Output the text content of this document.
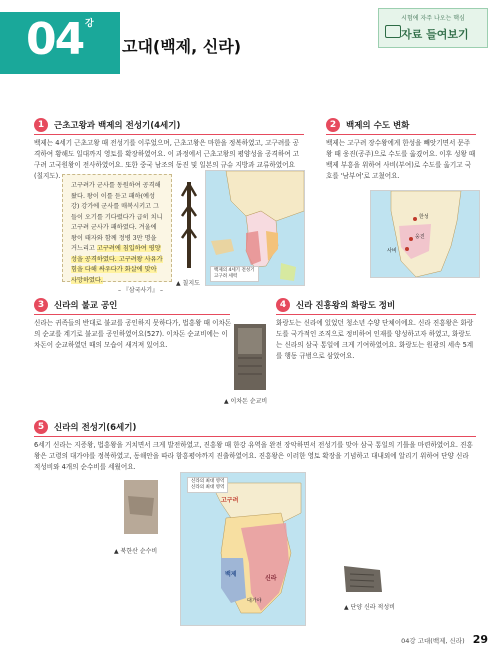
04 강
고대(백제, 신라)
시험에 자주 나오는 핵심
자료 들여보기
1	근초고왕과 백제의 전성기(4세기)
백제는 4세기 근초고왕 때 전성기를 이루었으며, 근초고왕은 마한을 정복하였고, 고구려를 공격하여 황해도 일대까지 영토를 확장하였어요. 이 과정에서 근초고왕의 평양성을 공격하여 고구려 고국원왕이 전사하였어요. 또한 중국 남조의 동진 및 일본의 규슈 지방과 교류하였어요(칠지도).
고구려가 군사를 동원하여 공격해 왔다. 왕이 이를 듣고 패하(예성강) 강가에 군사를 매복시키고 그들이 오기를 기다렸다가 급히 치니 고구려 군사가 패하였다. 겨울에 왕이 태자와 함께 정병 3만 명을 거느리고 고구려에 침입하여 평양성을 공격하였다. 고구려왕 사유가 힘을 다해 싸우다가 화살에 맞아 사망하였다.
– 『삼국사기』 –
▲ 칠지도
백제의 4세기 전성기
고구려 세력
2	백제의 수도 변화
백제는 고구려 장수왕에게 한성을 빼앗기면서 문주왕 때 웅진(공주)으로 수도를 옮겼어요. 이후 성왕 때 백제 부흥을 위하여 사비(부여)로 수도를 옮기고 국호를 '남부여'로 고쳤어요.
한성
웅진
사비
3	신라의 불교 공인
신라는 귀족들의 반대로 불교를 공인하지 못하다가, 법흥왕 때 이차돈의 순교를 계기로 불교를 공인하였어요(527). 이차돈 순교비에는 이차돈이 순교하였던 때의 모습이 새겨져 있어요.
▲ 이차돈 순교비
4	신라 진흥왕의 화랑도 정비
화랑도는 신라에 있었던 청소년 수양 단체이에요. 신라 진흥왕은 화랑도를 국가적인 조직으로 정비하여 인재를 양성하고자 하였고, 화랑도는 신라의 삼국 통일에 크게 기여하였어요. 화랑도는 원광의 세속 5계를 행동 규범으로 삼았어요.
5	신라의 전성기(6세기)
6세기 신라는 지증왕, 법흥왕을 거치면서 크게 발전하였고, 진흥왕 때 한강 유역을 완전 장악하면서 전성기를 맞아 삼국 통일의 기틀을 마련하였어요. 진흥왕은 고령의 대가야를 정복하였고, 동해안을 따라 함흥평야까지 진출하였어요. 진흥왕은 이러한 영토 확장을 기념하고 대내외에 알리기 위하여 단양 신라 적성비와 4개의 순수비를 세웠어요.
▲ 북한산 순수비
신라의 최대 영역
신라의 최대 영역
고구려
백제
신라
대가야
▲ 단양 신라 적성비
04강 고대(백제, 신라) 29
